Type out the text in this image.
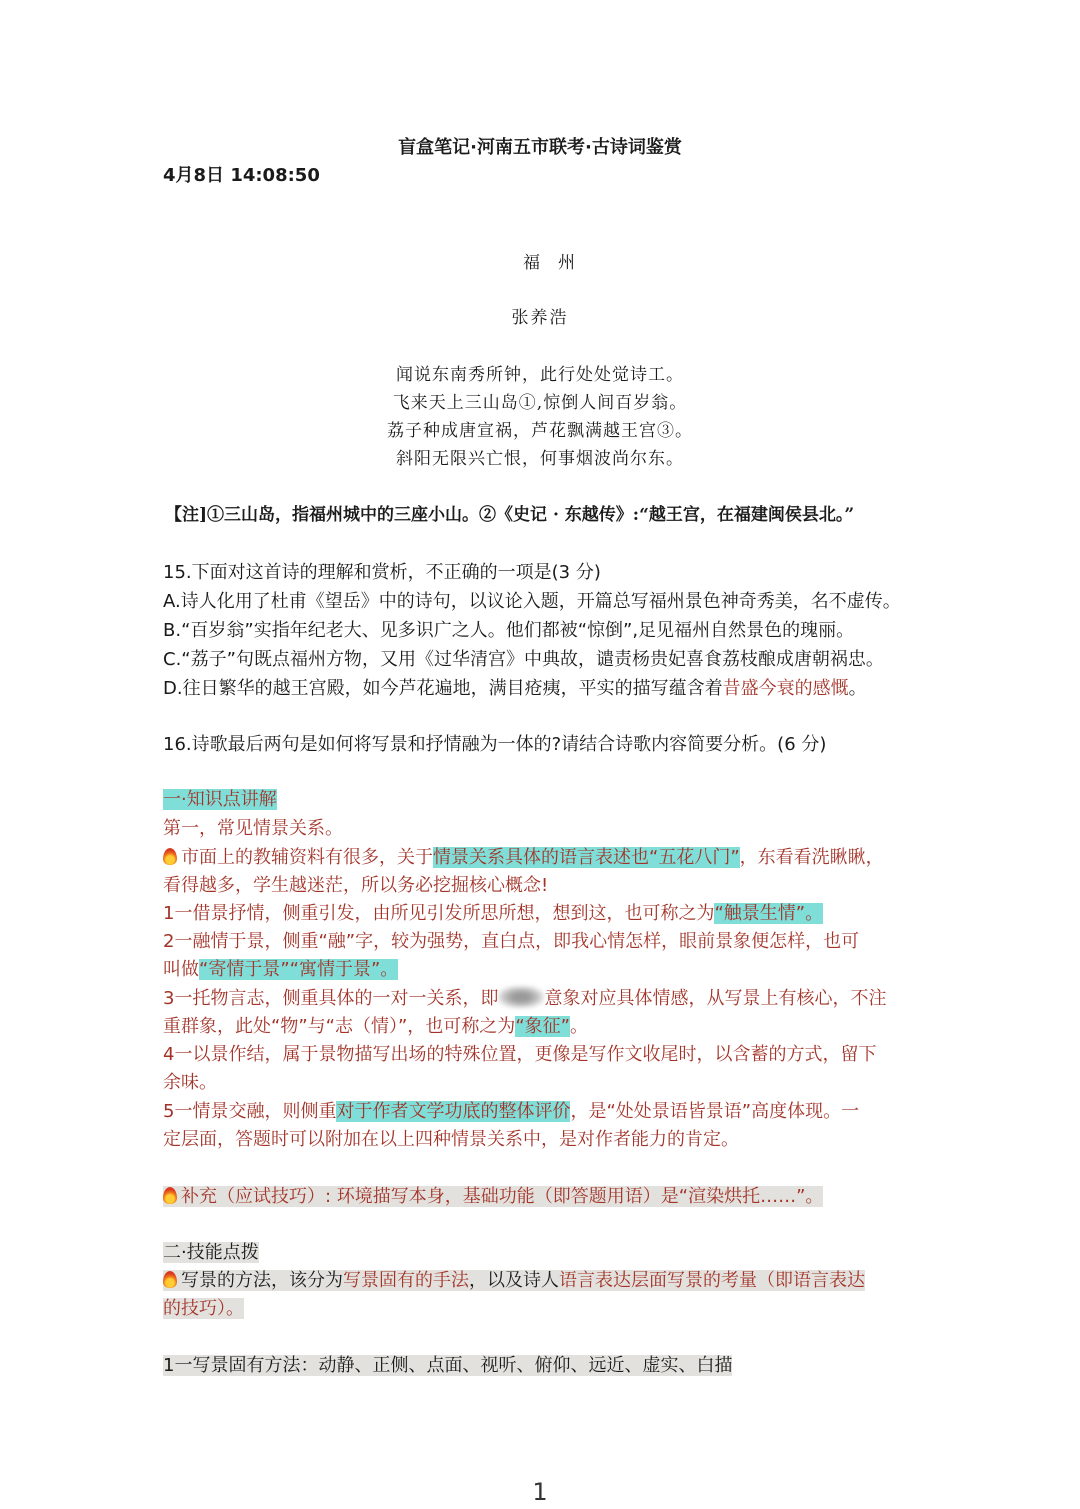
盲盒笔记·河南五市联考·古诗词鉴赏
4月8日 14:08:50
福州
张养浩
闻说东南秀所钟，此行处处觉诗工。
飞来天上三山岛①,惊倒人间百岁翁。
荔子种成唐宣祸，芦花飘满越王宫③。
斜阳无限兴亡恨，何事烟波尚尔东。
【注]①三山岛，指福州城中的三座小山。②《史记 · 东越传》:“越王宫，在福建闽侯县北。”
15.下面对这首诗的理解和赏析，不正确的一项是(3 分)
A.诗人化用了杜甫《望岳》中的诗句，以议论入题，开篇总写福州景色神奇秀美，名不虚传。
B.“百岁翁”实指年纪老大、见多识广之人。他们都被“惊倒”,足见福州自然景色的瑰丽。
C.“荔子”句既点福州方物，又用《过华清宫》中典故，谴责杨贵妃喜食荔枝酿成唐朝祸忠。
D.往日繁华的越王宫殿，如今芦花遍地，满目疮痍，平实的描写蕴含着昔盛今衰的感慨。
16.诗歌最后两句是如何将写景和抒情融为一体的?请结合诗歌内容简要分析。(6 分)
一·知识点讲解
第一，常见情景关系。
市面上的教辅资料有很多，关于情景关系具体的语言表述也“五花八门”，东看看洗瞅瞅，
看得越多，学生越迷茫，所以务必挖掘核心概念!
1一借景抒情，侧重引发，由所见引发所思所想，想到这，也可称之为“触景生情”。
2一融情于景，侧重“融”字，较为强势，直白点，即我心情怎样，眼前景象便怎样，也可
叫做“寄情于景”“寓情于景”。
3一托物言志，侧重具体的一对一关系，即	意象对应具体情感，从写景上有核心，不注
重群象，此处“物”与“志（情）”，也可称之为“象征”。
4一以景作结，属于景物描写出场的特殊位置，更像是写作文收尾时，以含蓄的方式，留下
余味。
5一情景交融，则侧重对于作者文学功底的整体评价，是“处处景语皆景语”高度体现。一
定层面，答题时可以附加在以上四种情景关系中，是对作者能力的肯定。
补充（应试技巧）: 环境描写本身，基础功能（即答题用语）是“渲染烘托……”。
二·技能点拨
写景的方法，该分为写景固有的手法，以及诗人语言表达层面写景的考量（即语言表达
的技巧）。
1一写景固有方法：动静、正侧、点面、视听、俯仰、远近、虚实、白描
1
